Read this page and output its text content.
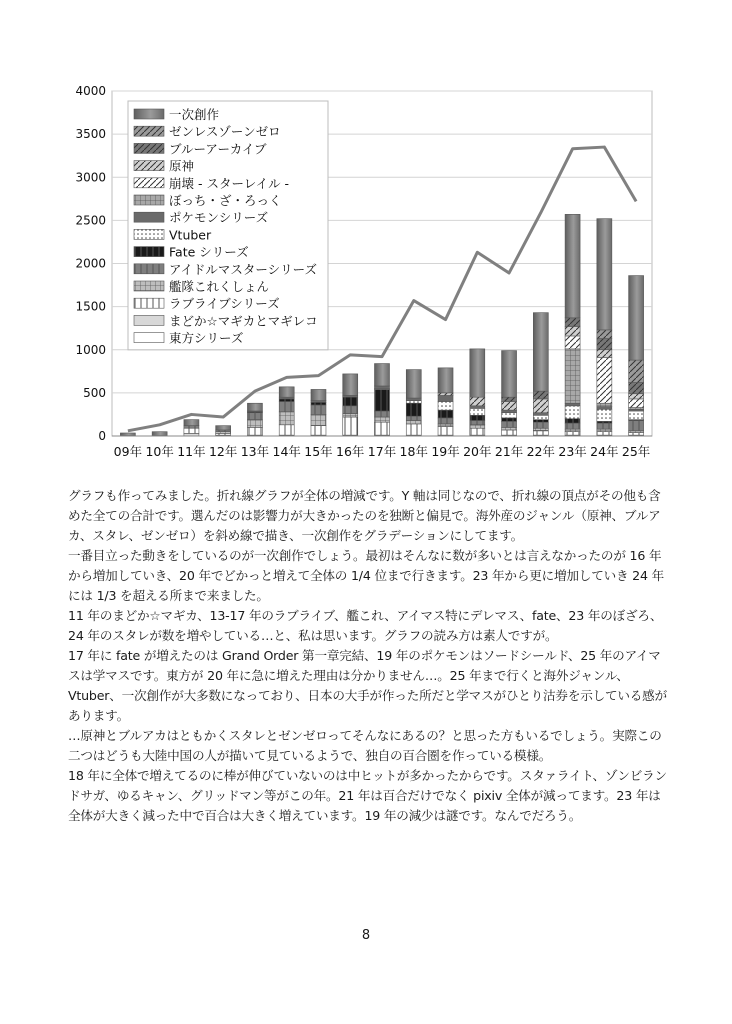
0
500
1000
1500
2000
2500
3000
3500
4000
09年 10年 11年 12年 13年 14年 15年 16年 17年 18年 19年 20年 21年 22年 23年 24年 25年
一次創作
ゼンレスゾーンゼロ
ブルーアーカイブ
原神
崩壊 - スターレイル -
ぼっち・ざ・ろっく
ポケモンシリーズ
Vtuber
Fate シリーズ
アイドルマスターシリーズ
艦隊これくしょん
ラブライブシリーズ
まどか☆マギカとマギレコ
東方シリーズ

グラフも作ってみました。折れ線グラフが全体の増減です。Y 軸は同じなので、折れ線の頂点がその他も含めた全ての合計です。選んだのは影響力が大きかったのを独断と偏見で。海外産のジャンル（原神、ブルアカ、スタレ、ゼンゼロ）を斜め線で描き、一次創作をグラデーションにしてます。

一番目立った動きをしているのが一次創作でしょう。最初はそんなに数が多いとは言えなかったのが 16 年から増加していき、20 年でどかっと増えて全体の 1/4 位まで行きます。23 年から更に増加していき 24 年には 1/3 を超える所まで来ました。

11 年のまどか☆マギカ、13-17 年のラブライブ、艦これ、アイマス特にデレマス、fate、23 年のぼざろ、24 年のスタレが数を増やしている…と、私は思います。グラフの読み方は素人ですが。

17 年に fate が増えたのは Grand Order 第一章完結、19 年のポケモンはソードシールド、25 年のアイマスは学マスです。東方が 20 年に急に増えた理由は分かりません…。25 年まで行くと海外ジャンル、Vtuber、一次創作が大多数になっており、日本の大手が作った所だと学マスがひとり沽券を示している感があります。

…原神とブルアカはともかくスタレとゼンゼロってそんなにあるの？と思った方もいるでしょう。実際この二つはどうも大陸中国の人が描いて見ているようで、独自の百合圏を作っている模様。

18 年に全体で増えてるのに棒が伸びていないのは中ヒットが多かったからです。スタァライト、ゾンビランドサガ、ゆるキャン、グリッドマン等がこの年。21 年は百合だけでなく pixiv 全体が減ってます。23 年は全体が大きく減った中で百合は大きく増えています。19 年の減少は謎です。なんでだろう。

8
